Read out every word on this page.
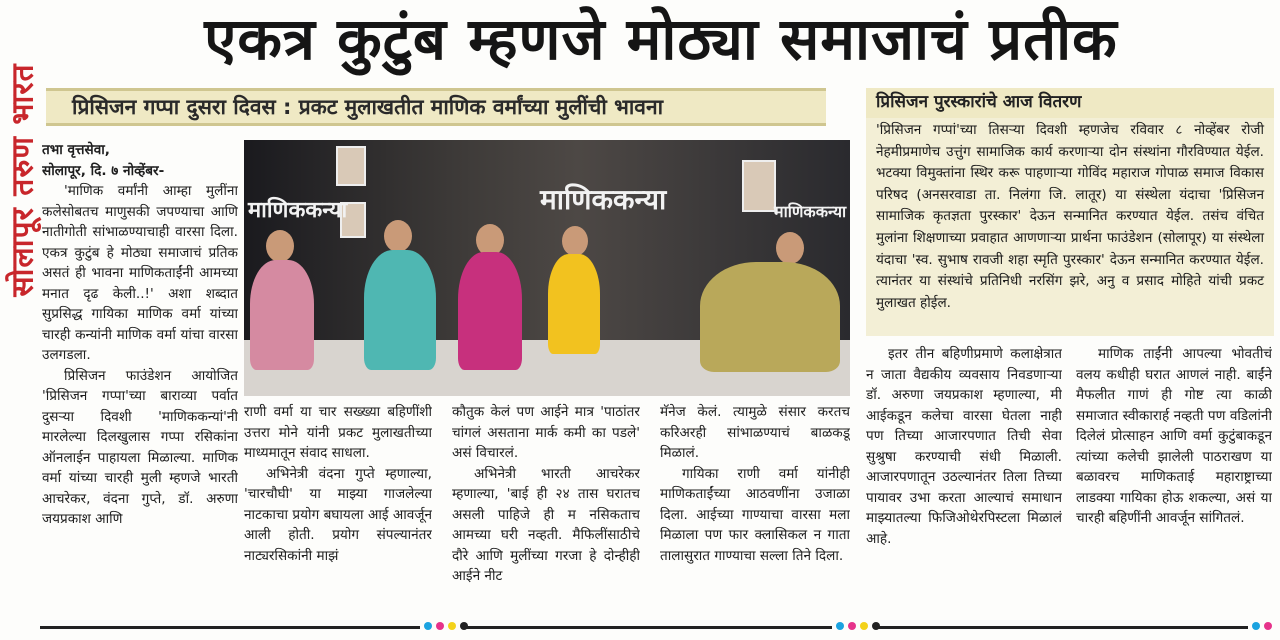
सोलापूर तरुण भारत
एकत्र कुटुंब म्हणजे मोठ्या समाजाचं प्रतीक
प्रिसिजन गप्पा दुसरा दिवस : प्रकट मुलाखतीत माणिक वर्मांच्या मुलींची भावना
तभा वृत्तसेवा,
सोलापूर, दि. ७ नोव्हेंबर-

'माणिक वर्मांनी आम्हा मुलींना कलेसोबतच माणुसकी जपण्याचा आणि नातीगोती सांभाळण्याचाही वारसा दिला. एकत्र कुटुंब हे मोठ्या समाजाचं प्रतिक असतं ही भावना माणिकताईंनी आमच्या मनात दृढ केली..!' अशा शब्दात सुप्रसिद्ध गायिका माणिक वर्मा यांच्या चारही कन्यांनी माणिक वर्मा यांचा वारसा उलगडला.

प्रिसिजन फाउंडेशन आयोजित 'प्रिसिजन गप्पा'च्या बाराव्या पर्वात दुसऱ्या दिवशी 'माणिककन्यां'नी मारलेल्या दिलखुलास गप्पा रसिकांना ऑनलाईन पाहायला मिळाल्या. माणिक वर्मा यांच्या चारही मुली म्हणजे भारती आचरेकर, वंदना गुप्ते, डॉ. अरुणा जयप्रकाश आणि

माणिककन्या	माणिककन्या	माणिककन्या

राणी वर्मा या चार सख्ख्या बहिणींशी उत्तरा मोने यांनी प्रकट मुलाखतीच्या माध्यमातून संवाद साधला.

अभिनेत्री वंदना गुप्ते म्हणाल्या, 'चारचौघी' या माझ्या गाजलेल्या नाटकाचा प्रयोग बघायला आई आवर्जून आली होती. प्रयोग संपल्यानंतर नाट्यरसिकांनी माझं

कौतुक केलं पण आईने मात्र 'पाठांतर चांगलं असताना मार्क कमी का पडले' असं विचारलं.

अभिनेत्री भारती आचरेकर म्हणाल्या, 'बाई ही २४ तास घरातच असली पाहिजे ही म नसिकताच आमच्या घरी नव्हती. मैफिलींसाठीचे दौरे आणि मुलींच्या गरजा हे दोन्हीही आईने नीट

मॅनेज केलं. त्यामुळे संसार करतच करिअरही सांभाळण्याचं बाळकडू मिळालं.

गायिका राणी वर्मा यांनीही माणिकताईंच्या आठवणींना उजाळा दिला. आईच्या गाण्याचा वारसा मला मिळाला पण फार क्लासिकल न गाता तालासुरात गाण्याचा सल्ला तिने दिला.

प्रिसिजन पुरस्कारांचे आज वितरण

'प्रिसिजन गप्पां'च्या तिसऱ्या दिवशी म्हणजेच रविवार ८ नोव्हेंबर रोजी नेहमीप्रमाणेच उत्तुंग सामाजिक कार्य करणाऱ्या दोन संस्थांना गौरविण्यात येईल. भटक्या विमुक्तांना स्थिर करू पाहणाऱ्या गोविंद महाराज गोपाळ समाज विकास परिषद (अनसरवाडा ता. निलंगा जि. लातूर) या संस्थेला यंदाचा 'प्रिसिजन सामाजिक कृतज्ञता पुरस्कार' देऊन सन्मानित करण्यात येईल. तसंच वंचित मुलांना शिक्षणाच्या प्रवाहात आणणाऱ्या प्रार्थना फाउंडेशन (सोलापूर) या संस्थेला यंदाचा 'स्व. सुभाष रावजी शहा स्मृति पुरस्कार' देऊन सन्मानित करण्यात येईल. त्यानंतर या संस्थांचे प्रतिनिधी नरसिंग झरे, अनु व प्रसाद मोहिते यांची प्रकट मुलाखत होईल.

इतर तीन बहिणीप्रमाणे कलाक्षेत्रात न जाता वैद्यकीय व्यवसाय निवडणाऱ्या डॉ. अरुणा जयप्रकाश म्हणाल्या, मी आईकडून कलेचा वारसा घेतला नाही पण तिच्या आजारपणात तिची सेवा सुश्रुषा करण्याची संधी मिळाली. आजारपणातून उठल्यानंतर तिला तिच्या पायावर उभा करता आल्याचं समाधान माझ्यातल्या फिजिओथेरपिस्टला मिळालं आहे.

माणिक ताईंनी आपल्या भोवतीचं वलय कधीही घरात आणलं नाही. बाईंने मैफलीत गाणं ही गोष्ट त्या काळी समाजात स्वीकारार्ह नव्हती पण वडिलांनी दिलेलं प्रोत्साहन आणि वर्मा कुटुंबाकडून त्यांच्या कलेची झालेली पाठराखण या बळावरच माणिकताई महाराष्ट्राच्या लाडक्या गायिका होऊ शकल्या, असं या चारही बहिणींनी आवर्जून सांगितलं.
